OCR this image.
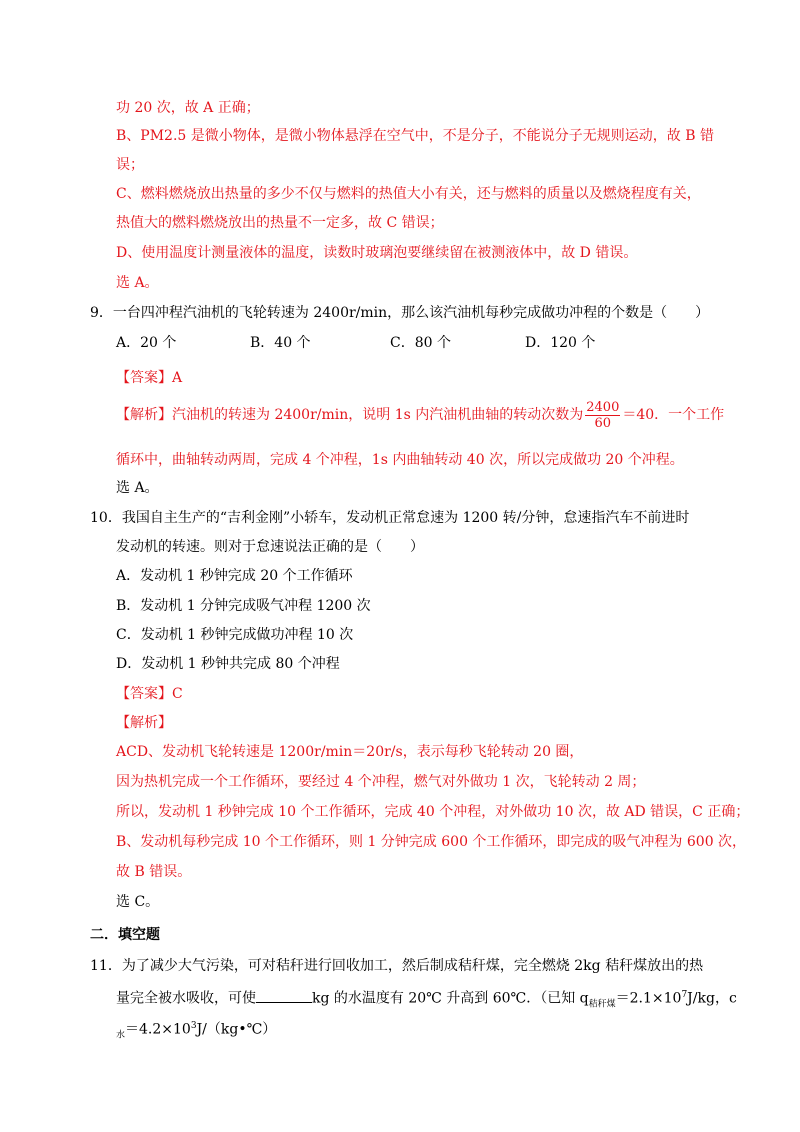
功 20 次，故 A 正确；
B、PM2.5 是微小物体，是微小物体悬浮在空气中，不是分子，不能说分子无规则运动，故 B 错
误；
C、燃料燃烧放出热量的多少不仅与燃料的热值大小有关，还与燃料的质量以及燃烧程度有关，
热值大的燃料燃烧放出的热量不一定多，故 C 错误；
D、使用温度计测量液体的温度，读数时玻璃泡要继续留在被测液体中，故 D 错误。
选 A。
9．一台四冲程汽油机的飞轮转速为 2400r/min，那么该汽油机每秒完成做功冲程的个数是（　　）
A．20 个	B．40 个	C．80 个	D．120 个
【答案】A
【解析】汽油机的转速为 2400r/min，说明 1s 内汽油机曲轴的转动次数为 $\frac{2400}{60} =40$．一个工作
循环中，曲轴转动两周，完成 4 个冲程，1s 内曲轴转动 40 次，所以完成做功 20 个冲程。
选 A。
10．我国自主生产的“吉利金刚”小轿车，发动机正常怠速为 1200 转/分钟，怠速指汽车不前进时
发动机的转速。则对于怠速说法正确的是（　　）
A．发动机 1 秒钟完成 20 个工作循环
B．发动机 1 分钟完成吸气冲程 1200 次
C．发动机 1 秒钟完成做功冲程 10 次
D．发动机 1 秒钟共完成 80 个冲程
【答案】C
【解析】
ACD、发动机飞轮转速是 1200r/min＝20r/s，表示每秒飞轮转动 20 圈，
因为热机完成一个工作循环，要经过 4 个冲程，燃气对外做功 1 次，飞轮转动 2 周；
所以，发动机 1 秒钟完成 10 个工作循环，完成 40 个冲程，对外做功 10 次，故 AD 错误，C 正确；
B、发动机每秒完成 10 个工作循环，则 1 分钟完成 600 个工作循环，即完成的吸气冲程为 600 次，
故 B 错误。
选 C。
二．填空题
11．为了减少大气污染，可对秸秆进行回收加工，然后制成秸秆煤，完全燃烧 2kg 秸秆煤放出的热
量完全被水吸收，可使	kg 的水温度有 20℃ 升高到 60℃．（已知 $q_{秸秆煤}=2.1\times 10^7J/kg$，c
$_水=4.2\times 10^3J/(kg•℃)$
